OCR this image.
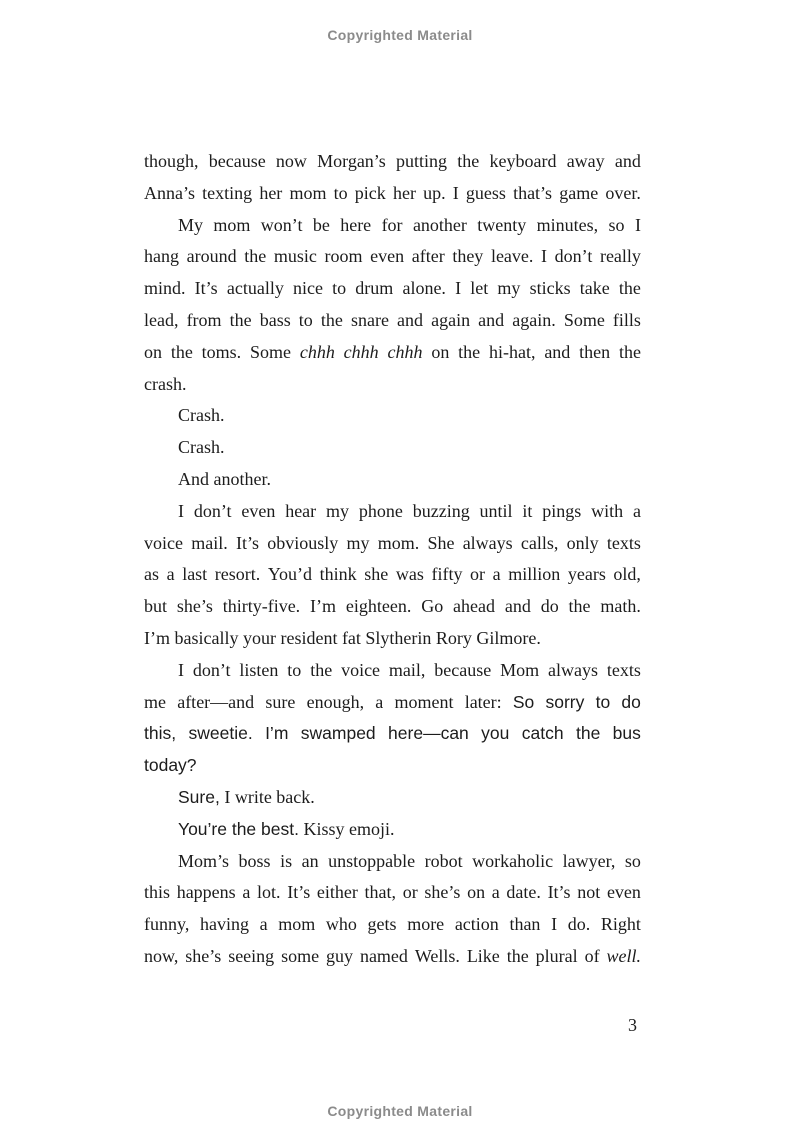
Copyrighted Material
though, because now Morgan’s putting the keyboard away and
Anna’s texting her mom to pick her up. I guess that’s game over.
My mom won’t be here for another twenty minutes, so I
hang around the music room even after they leave. I don’t really
mind. It’s actually nice to drum alone. I let my sticks take the
lead, from the bass to the snare and again and again. Some fills
on the toms. Some chhh chhh chhh on the hi-hat, and then the
crash.
Crash.
Crash.
And another.
I don’t even hear my phone buzzing until it pings with a
voice mail. It’s obviously my mom. She always calls, only texts
as a last resort. You’d think she was fifty or a million years old,
but she’s thirty-five. I’m eighteen. Go ahead and do the math.
I’m basically your resident fat Slytherin Rory Gilmore.
I don’t listen to the voice mail, because Mom always texts
me after—and sure enough, a moment later: So sorry to do
this, sweetie. I’m swamped here—can you catch the bus
today?
Sure, I write back.
You’re the best. Kissy emoji.
Mom’s boss is an unstoppable robot workaholic lawyer, so
this happens a lot. It’s either that, or she’s on a date. It’s not even
funny, having a mom who gets more action than I do. Right
now, she’s seeing some guy named Wells. Like the plural of well.
3
Copyrighted Material
